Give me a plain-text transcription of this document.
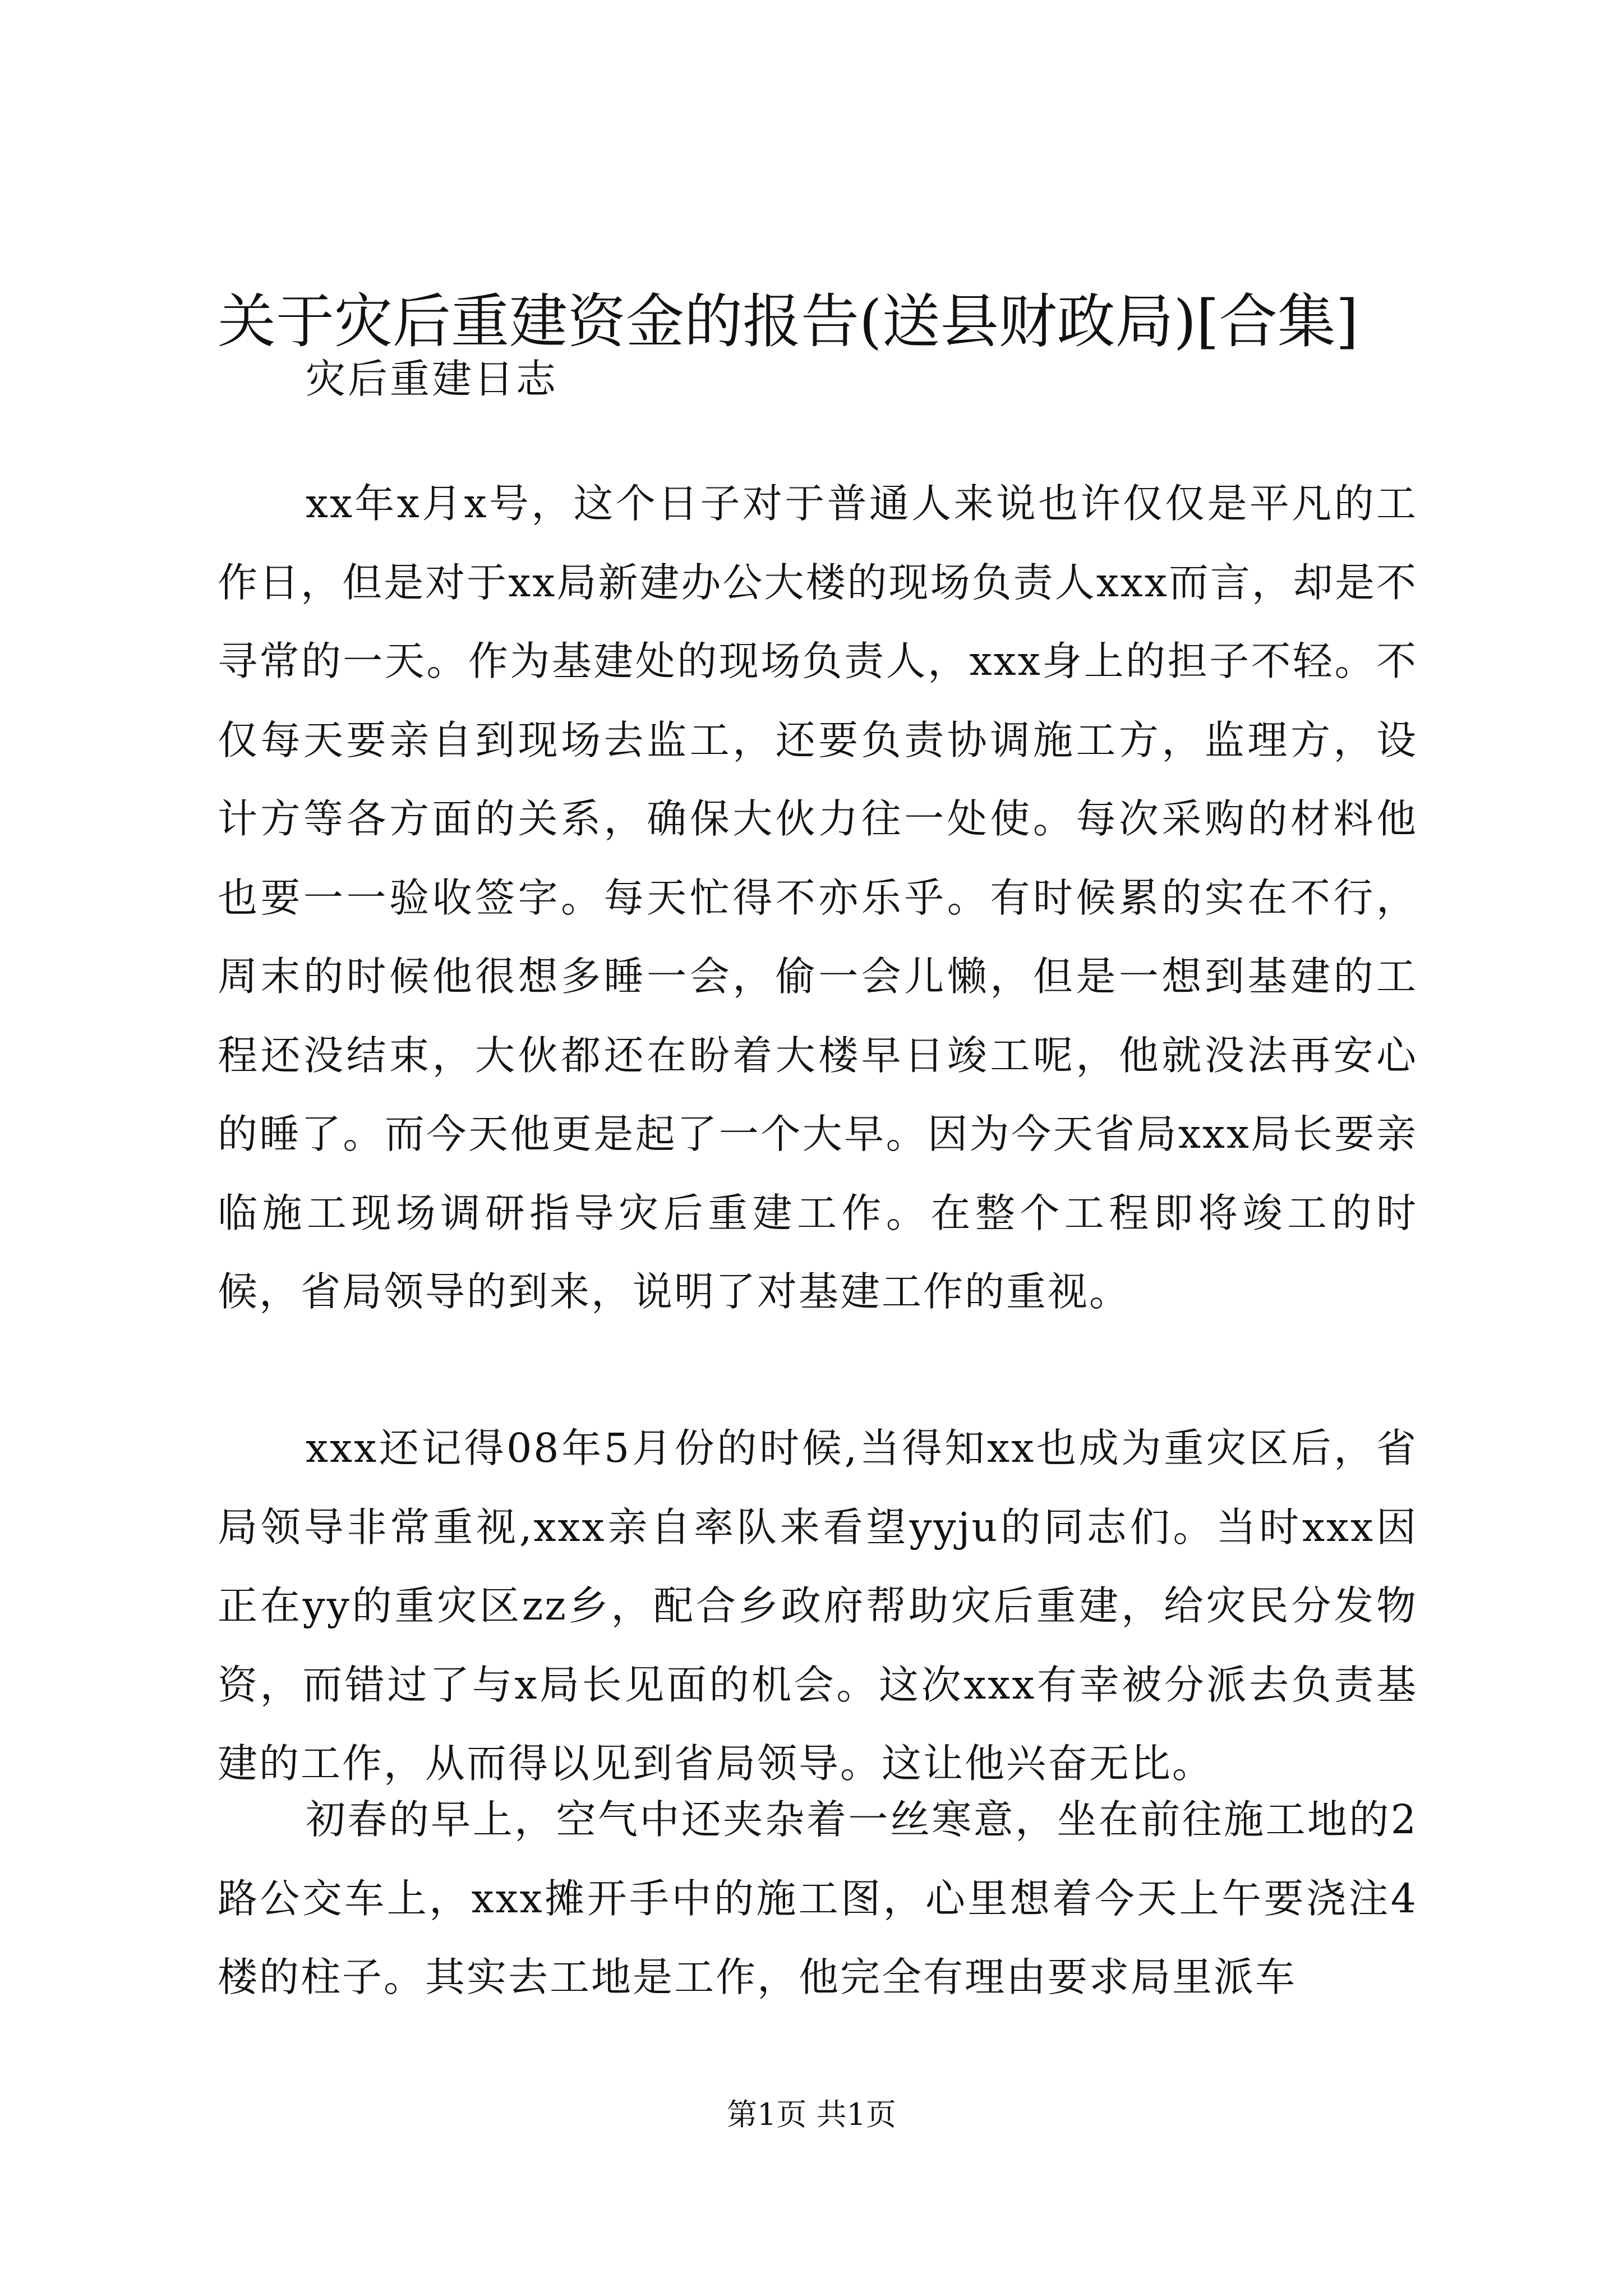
关于灾后重建资金的报告(送县财政局)[合集]
灾后重建日志

xx年x月x号，这个日子对于普通人来说也许仅仅是平凡的工作日，但是对于xx局新建办公大楼的现场负责人xxx而言，却是不寻常的一天。作为基建处的现场负责人，xxx身上的担子不轻。不仅每天要亲自到现场去监工，还要负责协调施工方，监理方，设计方等各方面的关系，确保大伙力往一处使。每次采购的材料他也要一一验收签字。每天忙得不亦乐乎。有时候累的实在不行，周末的时候他很想多睡一会，偷一会儿懒，但是一想到基建的工程还没结束，大伙都还在盼着大楼早日竣工呢，他就没法再安心的睡了。而今天他更是起了一个大早。因为今天省局xxx局长要亲临施工现场调研指导灾后重建工作。在整个工程即将竣工的时候，省局领导的到来，说明了对基建工作的重视。

xxx还记得08年5月份的时候,当得知xx也成为重灾区后，省局领导非常重视,xxx亲自率队来看望yyju的同志们。当时xxx因正在yy的重灾区zz乡，配合乡政府帮助灾后重建，给灾民分发物资，而错过了与x局长见面的机会。这次xxx有幸被分派去负责基建的工作，从而得以见到省局领导。这让他兴奋无比。

初春的早上，空气中还夹杂着一丝寒意，坐在前往施工地的2路公交车上，xxx摊开手中的施工图，心里想着今天上午要浇注4楼的柱子。其实去工地是工作，他完全有理由要求局里派车

第1页 共1页
